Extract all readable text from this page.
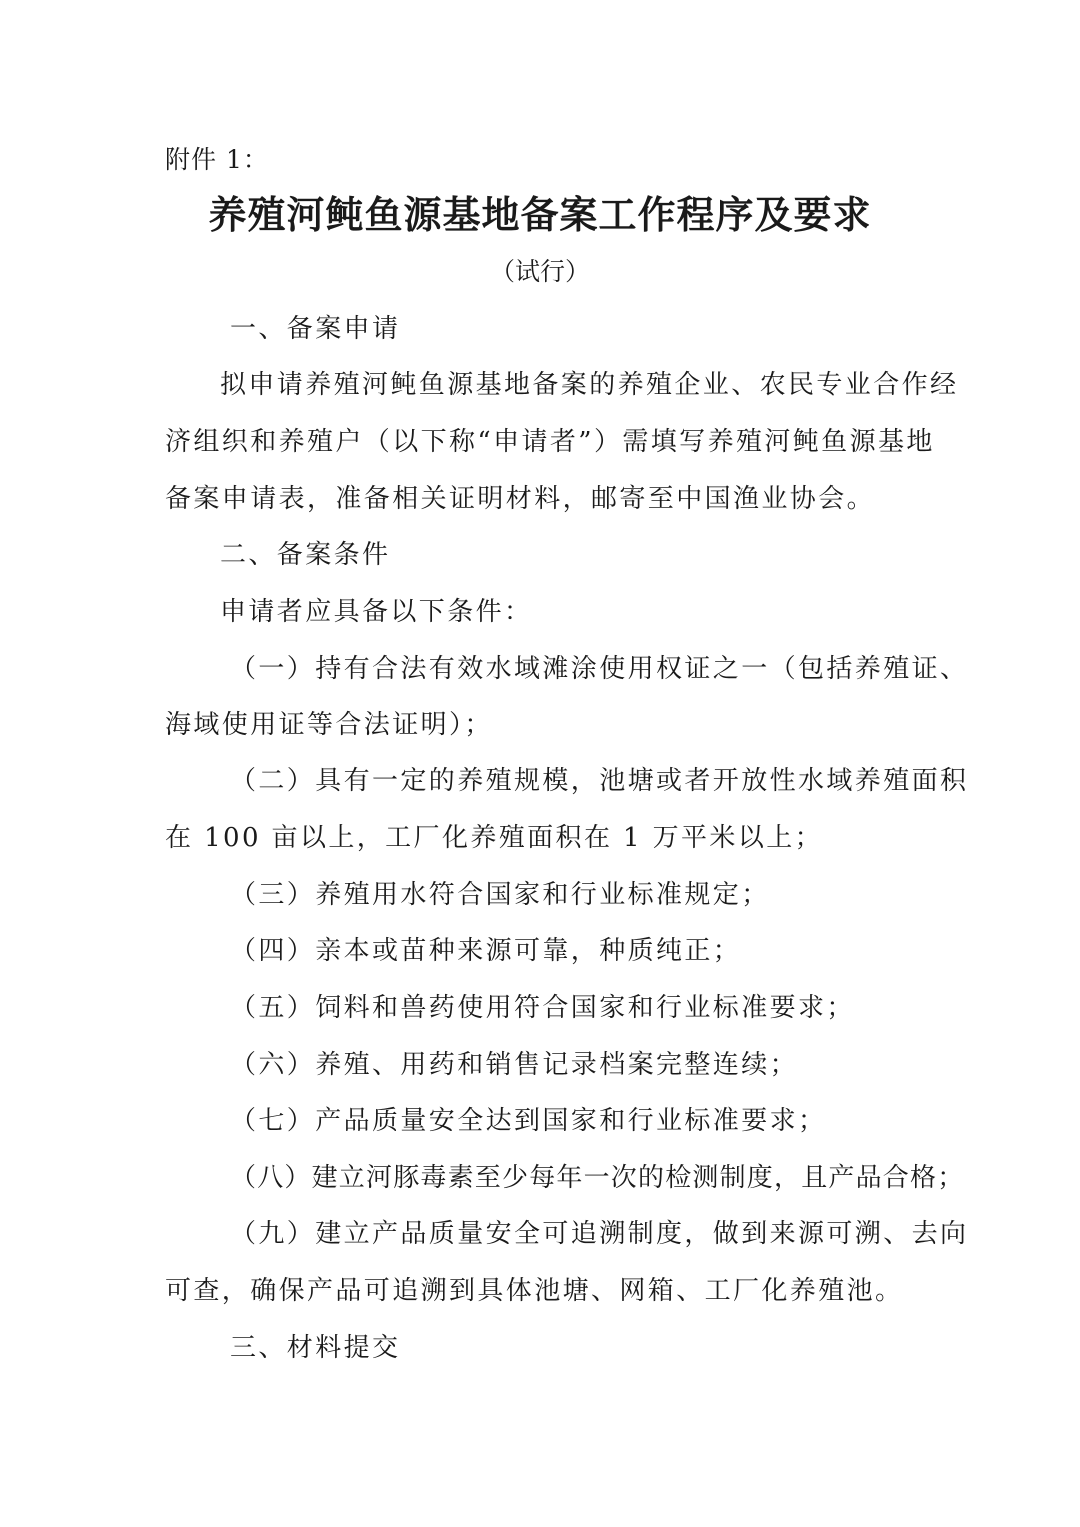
附件 1：
养殖河鲀鱼源基地备案工作程序及要求
（试行）
一、备案申请
拟申请养殖河鲀鱼源基地备案的养殖企业、农民专业合作经
济组织和养殖户（以下称“申请者”）需填写养殖河鲀鱼源基地
备案申请表，准备相关证明材料，邮寄至中国渔业协会。
二、备案条件
申请者应具备以下条件：
（一）持有合法有效水域滩涂使用权证之一（包括养殖证、
海域使用证等合法证明）；
（二）具有一定的养殖规模，池塘或者开放性水域养殖面积
在 100 亩以上，工厂化养殖面积在 1 万平米以上；
（三）养殖用水符合国家和行业标准规定；
（四）亲本或苗种来源可靠，种质纯正；
（五）饲料和兽药使用符合国家和行业标准要求；
（六）养殖、用药和销售记录档案完整连续；
（七）产品质量安全达到国家和行业标准要求；
（八）建立河豚毒素至少每年一次的检测制度，且产品合格；
（九）建立产品质量安全可追溯制度，做到来源可溯、去向
可查，确保产品可追溯到具体池塘、网箱、工厂化养殖池。
三、材料提交
